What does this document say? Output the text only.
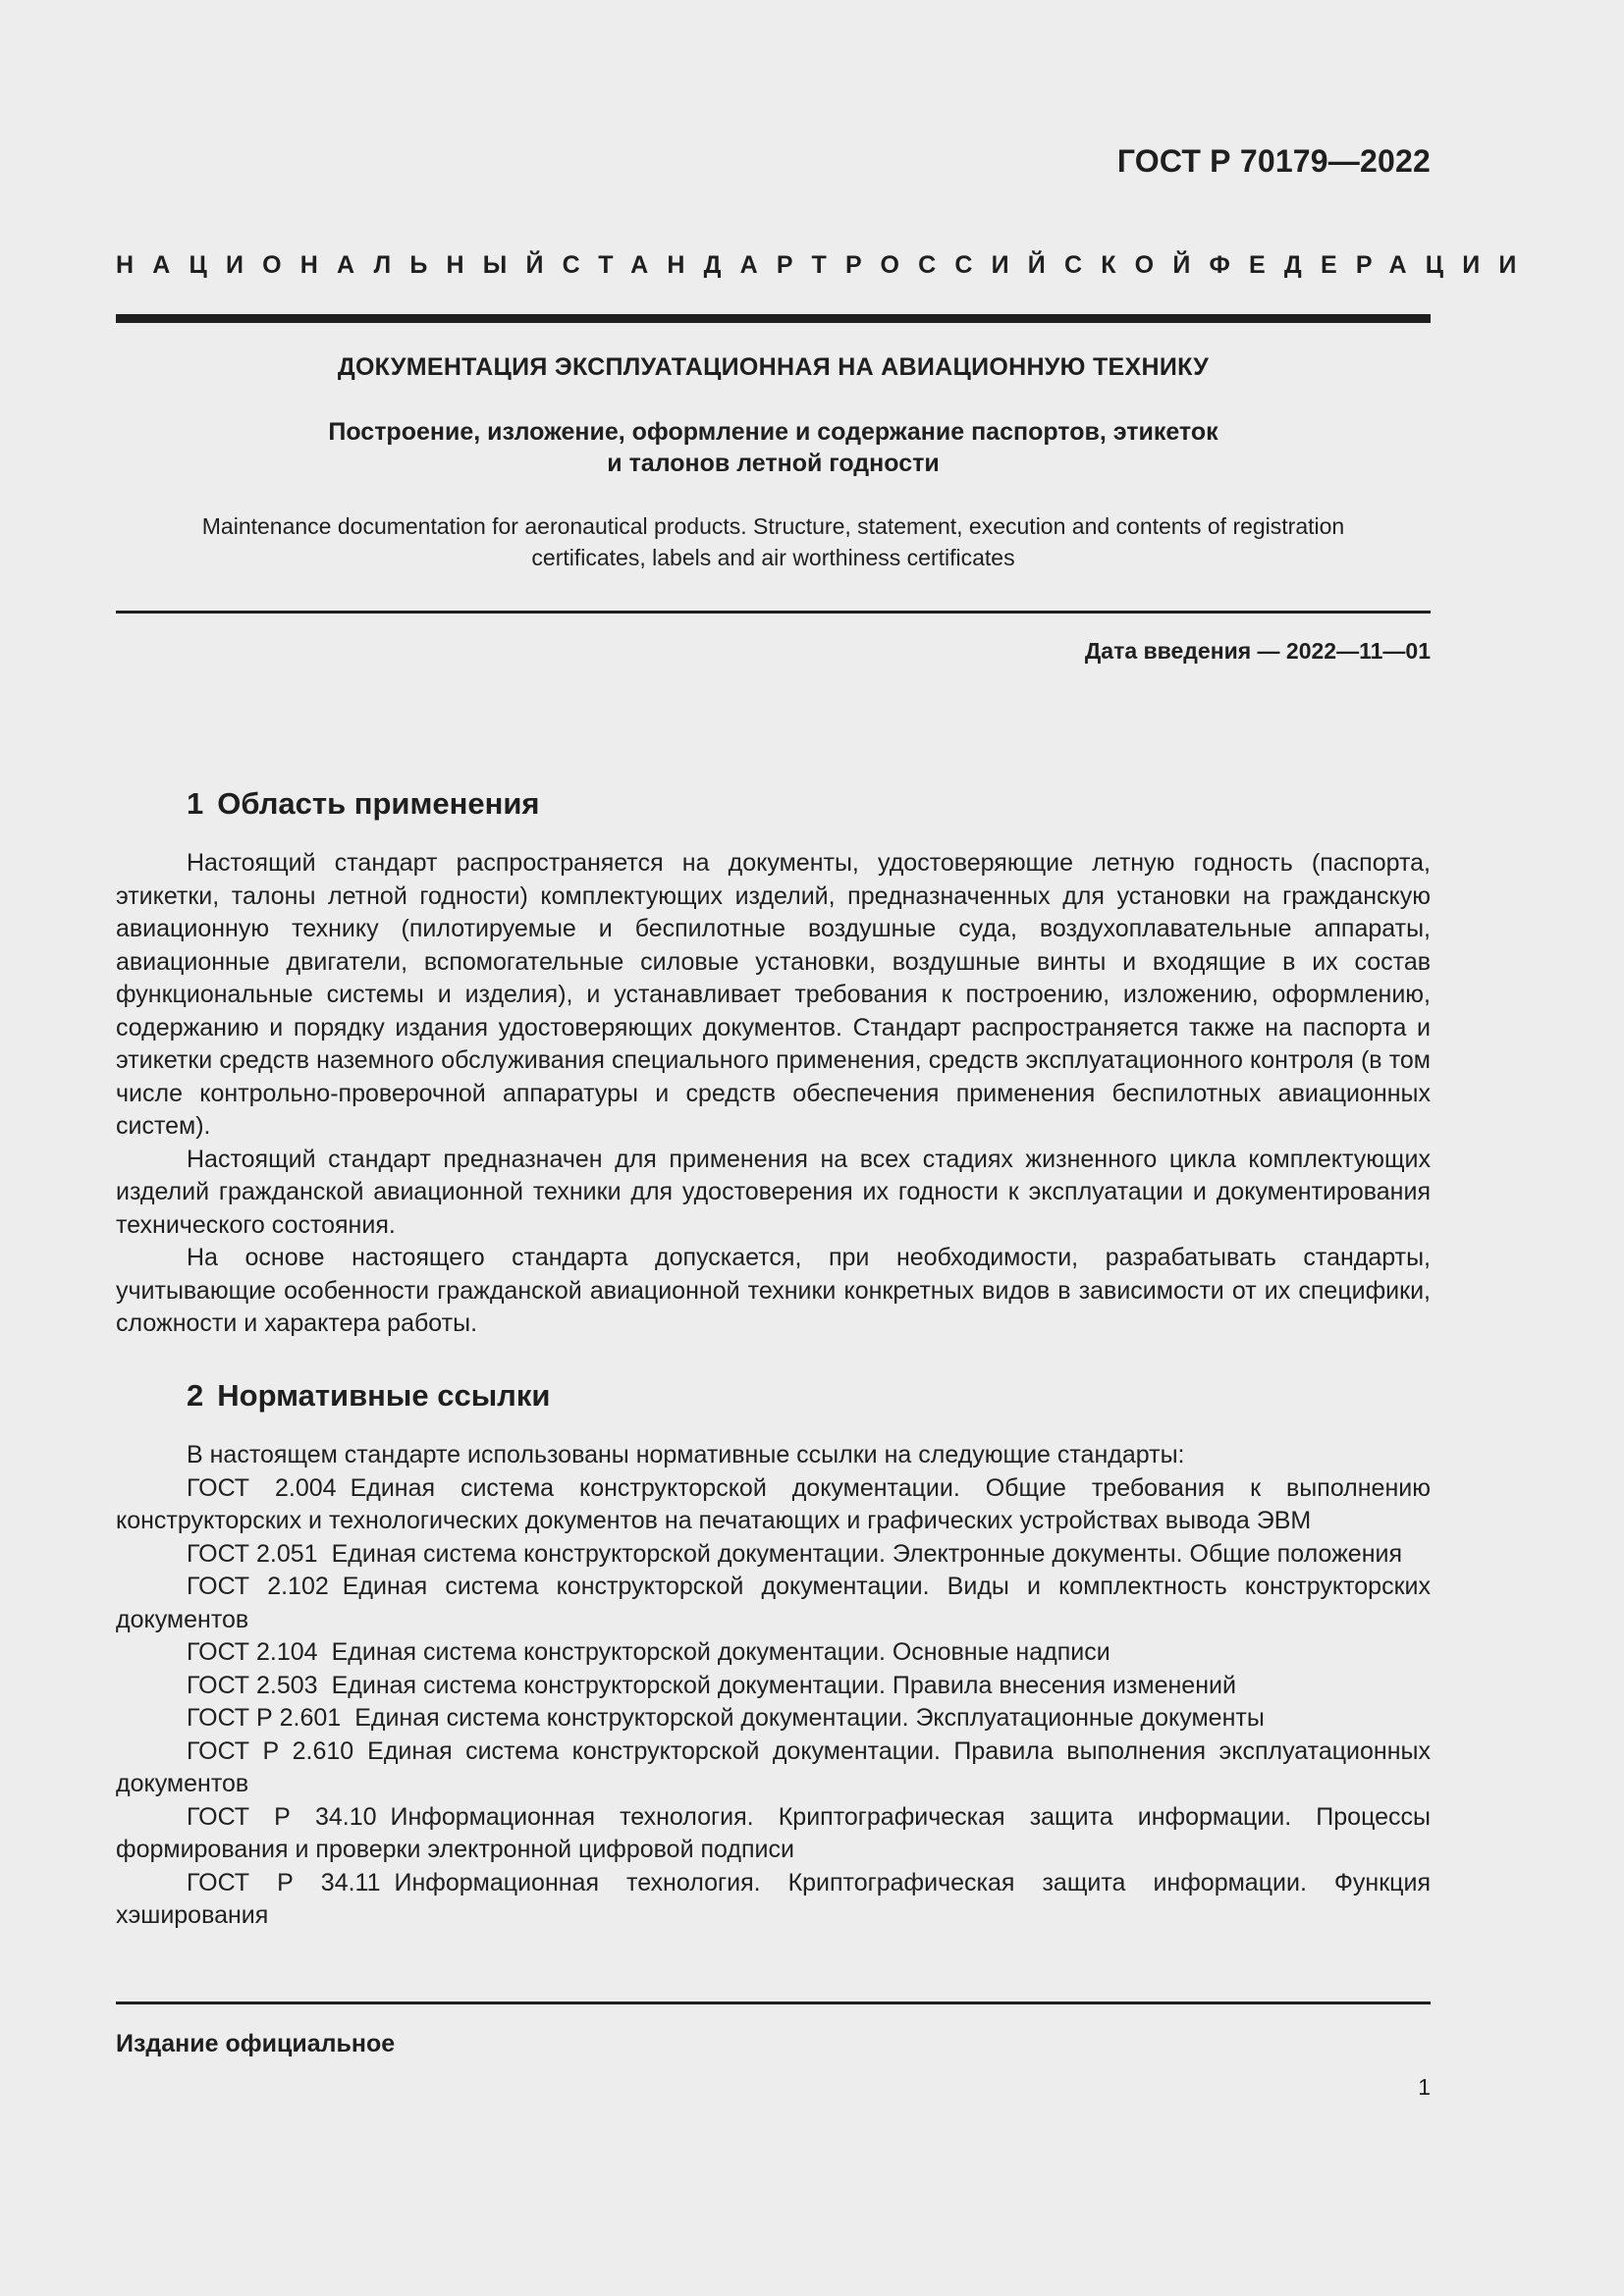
ГОСТ Р 70179—2022
НАЦИОНАЛЬНЫЙ СТАНДАРТ РОССИЙСКОЙ ФЕДЕРАЦИИ
ДОКУМЕНТАЦИЯ ЭКСПЛУАТАЦИОННАЯ НА АВИАЦИОННУЮ ТЕХНИКУ
Построение, изложение, оформление и содержание паспортов, этикеток
и талонов летной годности
Maintenance documentation for aeronautical products. Structure, statement, execution and contents of registration certificates, labels and air worthiness certificates
Дата введения — 2022—11—01
1 Область применения

Настоящий стандарт распространяется на документы, удостоверяющие летную годность (паспорта, этикетки, талоны летной годности) комплектующих изделий, предназначенных для установки на гражданскую авиационную технику (пилотируемые и беспилотные воздушные суда, воздухоплавательные аппараты, авиационные двигатели, вспомогательные силовые установки, воздушные винты и входящие в их состав функциональные системы и изделия), и устанавливает требования к построению, изложению, оформлению, содержанию и порядку издания удостоверяющих документов. Стандарт распространяется также на паспорта и этикетки средств наземного обслуживания специального применения, средств эксплуатационного контроля (в том числе контрольно-проверочной аппаратуры и средств обеспечения применения беспилотных авиационных систем).

Настоящий стандарт предназначен для применения на всех стадиях жизненного цикла комплектующих изделий гражданской авиационной техники для удостоверения их годности к эксплуатации и документирования технического состояния.

На основе настоящего стандарта допускается, при необходимости, разрабатывать стандарты, учитывающие особенности гражданской авиационной техники конкретных видов в зависимости от их специфики, сложности и характера работы.

2 Нормативные ссылки

В настоящем стандарте использованы нормативные ссылки на следующие стандарты:

ГОСТ 2.004 Единая система конструкторской документации. Общие требования к выполнению конструкторских и технологических документов на печатающих и графических устройствах вывода ЭВМ

ГОСТ 2.051 Единая система конструкторской документации. Электронные документы. Общие положения

ГОСТ 2.102 Единая система конструкторской документации. Виды и комплектность конструкторских документов

ГОСТ 2.104 Единая система конструкторской документации. Основные надписи

ГОСТ 2.503 Единая система конструкторской документации. Правила внесения изменений

ГОСТ Р 2.601 Единая система конструкторской документации. Эксплуатационные документы

ГОСТ Р 2.610 Единая система конструкторской документации. Правила выполнения эксплуатационных документов

ГОСТ Р 34.10 Информационная технология. Криптографическая защита информации. Процессы формирования и проверки электронной цифровой подписи

ГОСТ Р 34.11 Информационная технология. Криптографическая защита информации. Функция хэширования

Издание официальное
1
